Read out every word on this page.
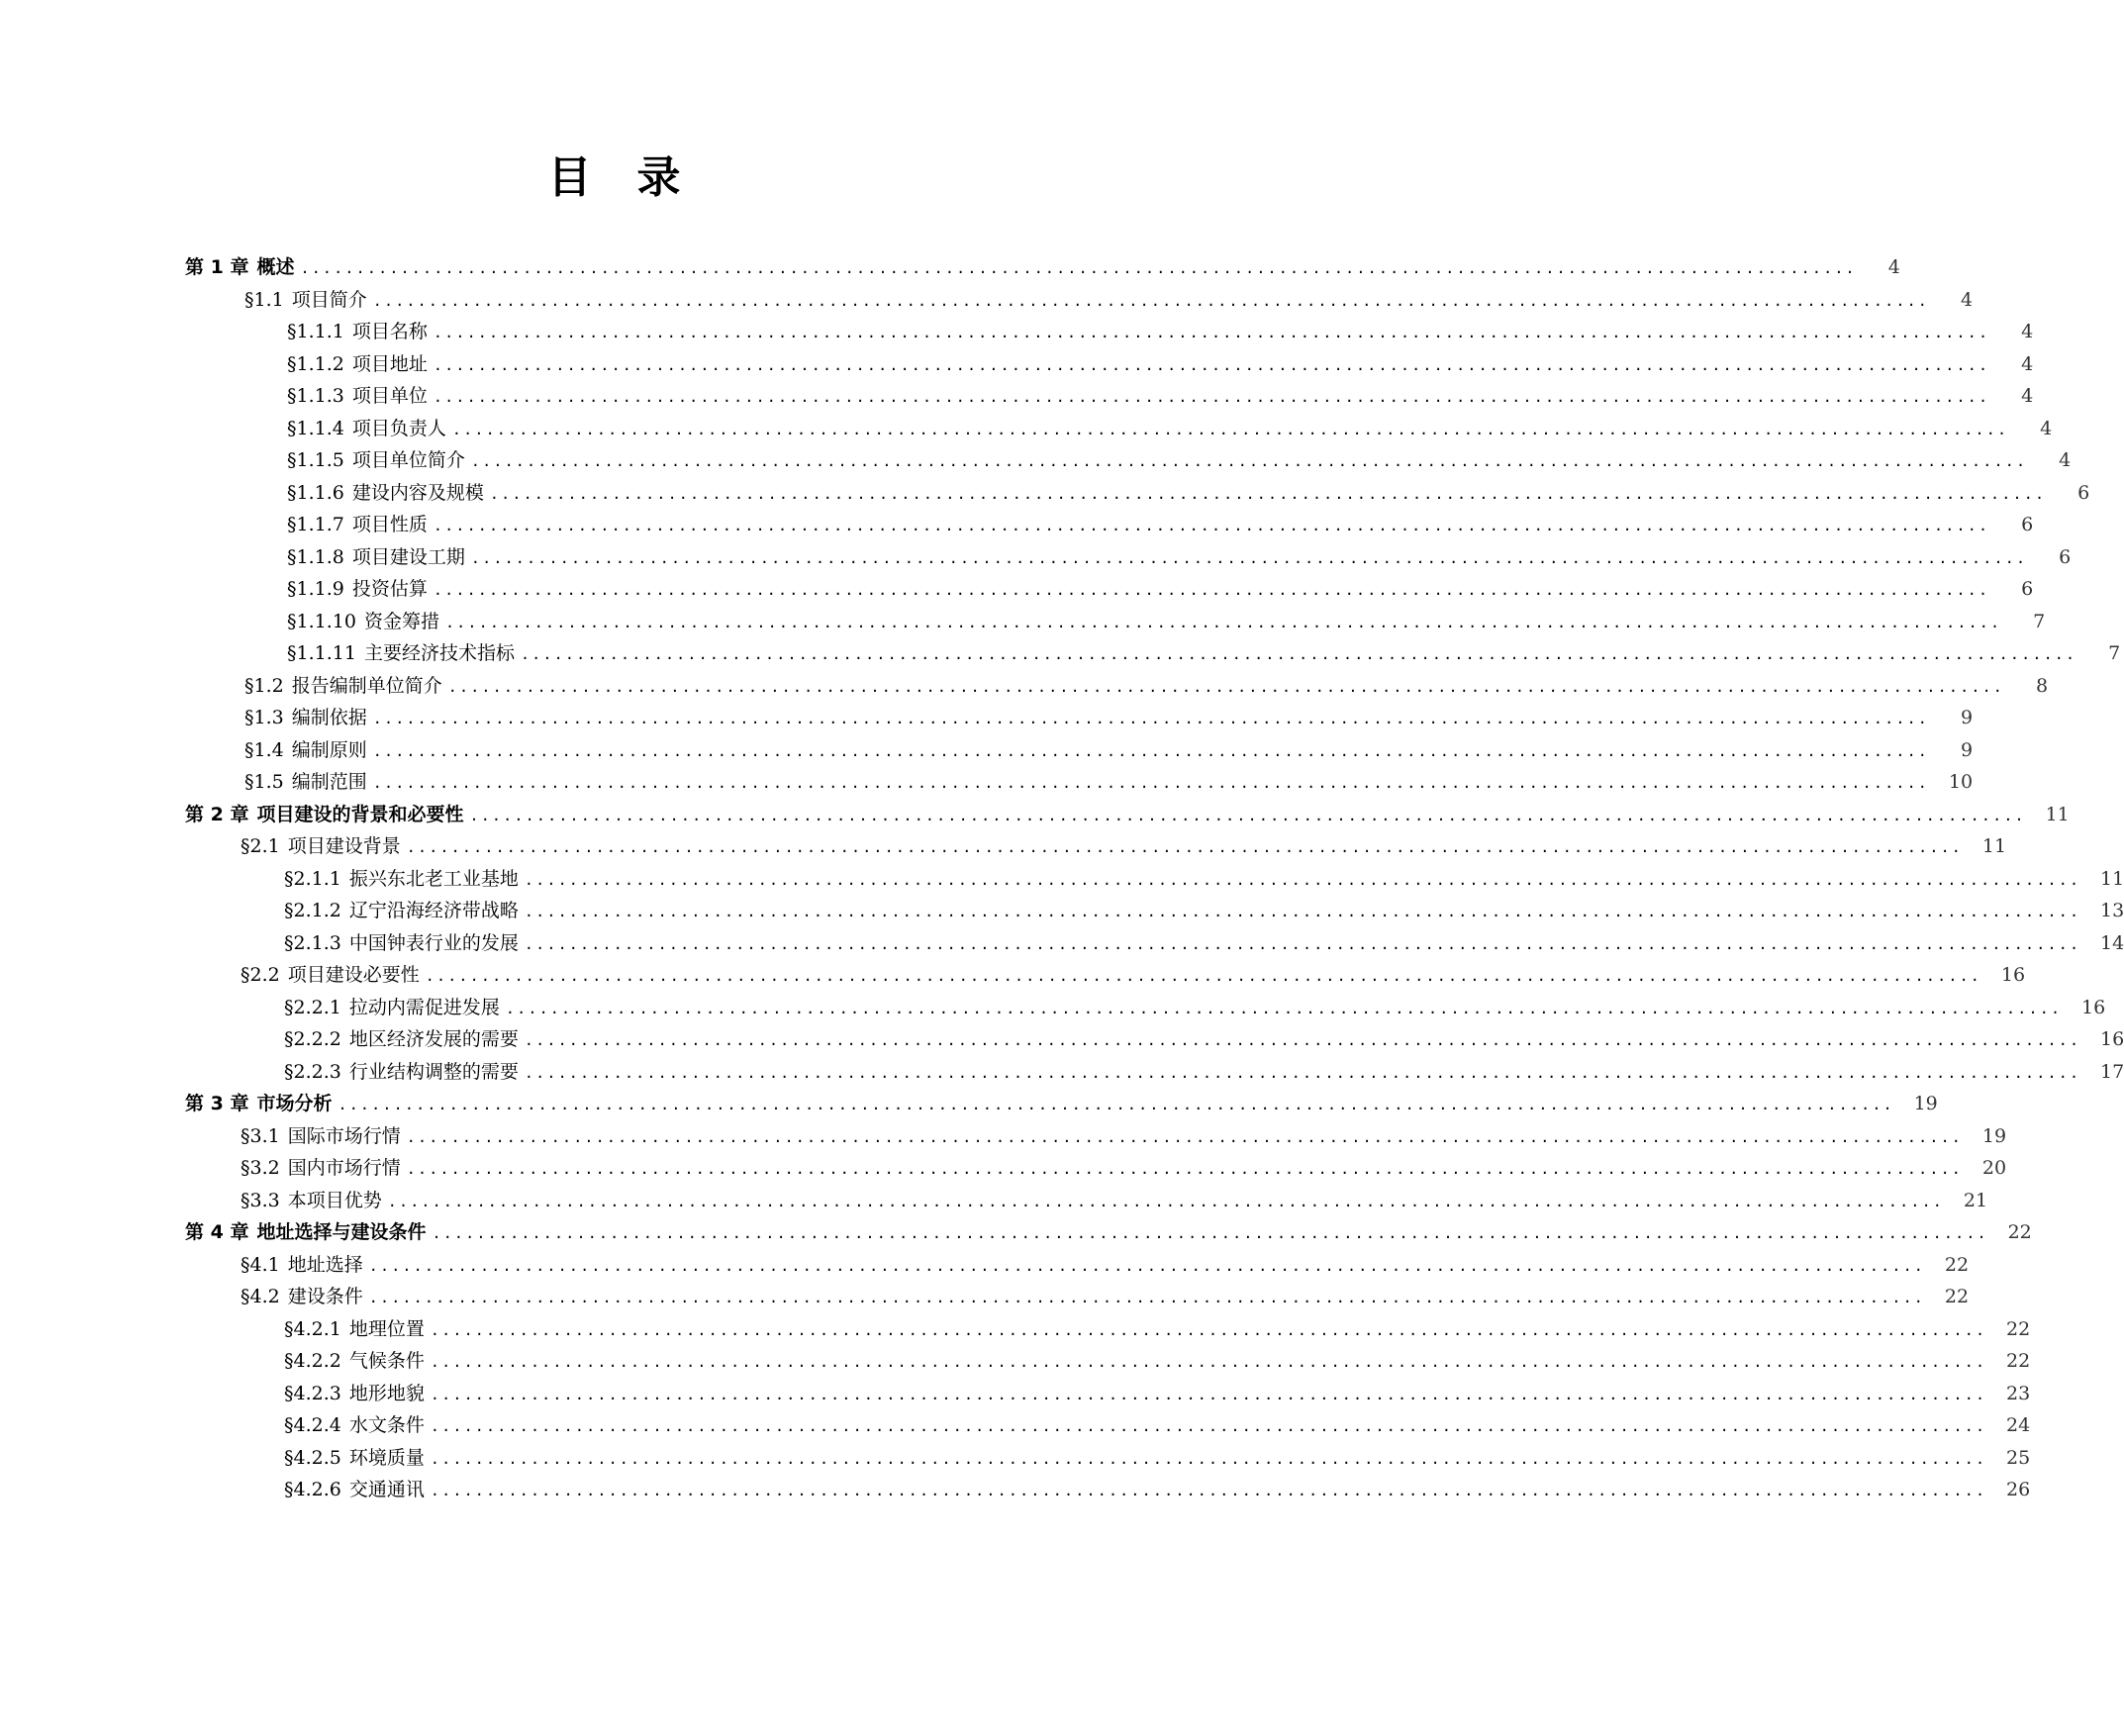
目   录
第 1 章 概述 ............................................................................................................................................	4
§1.1 项目简介 ............................................................................................................................................	4
§1.1.1 项目名称 ............................................................................................................................................	4
§1.1.2 项目地址 ............................................................................................................................................	4
§1.1.3 项目单位 ............................................................................................................................................	4
§1.1.4 项目负责人 ............................................................................................................................................	4
§1.1.5 项目单位简介 ............................................................................................................................................	4
§1.1.6 建设内容及规模 ............................................................................................................................................	6
§1.1.7 项目性质 ............................................................................................................................................	6
§1.1.8 项目建设工期 ............................................................................................................................................	6
§1.1.9 投资估算 ............................................................................................................................................	6
§1.1.10 资金筹措 ............................................................................................................................................	7
§1.1.11 主要经济技术指标 ............................................................................................................................................	7
§1.2 报告编制单位简介 ............................................................................................................................................	8
§1.3 编制依据 ............................................................................................................................................	9
§1.4 编制原则 ............................................................................................................................................	9
§1.5 编制范围 ............................................................................................................................................	10
第 2 章 项目建设的背景和必要性 ............................................................................................................................................	11
§2.1 项目建设背景 ............................................................................................................................................	11
§2.1.1 振兴东北老工业基地 ............................................................................................................................................	11
§2.1.2 辽宁沿海经济带战略 ............................................................................................................................................	13
§2.1.3 中国钟表行业的发展 ............................................................................................................................................	14
§2.2 项目建设必要性 ............................................................................................................................................	16
§2.2.1 拉动内需促进发展 ............................................................................................................................................	16
§2.2.2 地区经济发展的需要 ............................................................................................................................................	16
§2.2.3 行业结构调整的需要 ............................................................................................................................................	17
第 3 章 市场分析 ............................................................................................................................................	19
§3.1 国际市场行情 ............................................................................................................................................	19
§3.2 国内市场行情 ............................................................................................................................................	20
§3.3 本项目优势 ............................................................................................................................................	21
第 4 章 地址选择与建设条件 ............................................................................................................................................	22
§4.1 地址选择 ............................................................................................................................................	22
§4.2 建设条件 ............................................................................................................................................	22
§4.2.1 地理位置 ............................................................................................................................................	22
§4.2.2 气候条件 ............................................................................................................................................	22
§4.2.3 地形地貌 ............................................................................................................................................	23
§4.2.4 水文条件 ............................................................................................................................................	24
§4.2.5 环境质量 ............................................................................................................................................	25
§4.2.6 交通通讯 ............................................................................................................................................	26
